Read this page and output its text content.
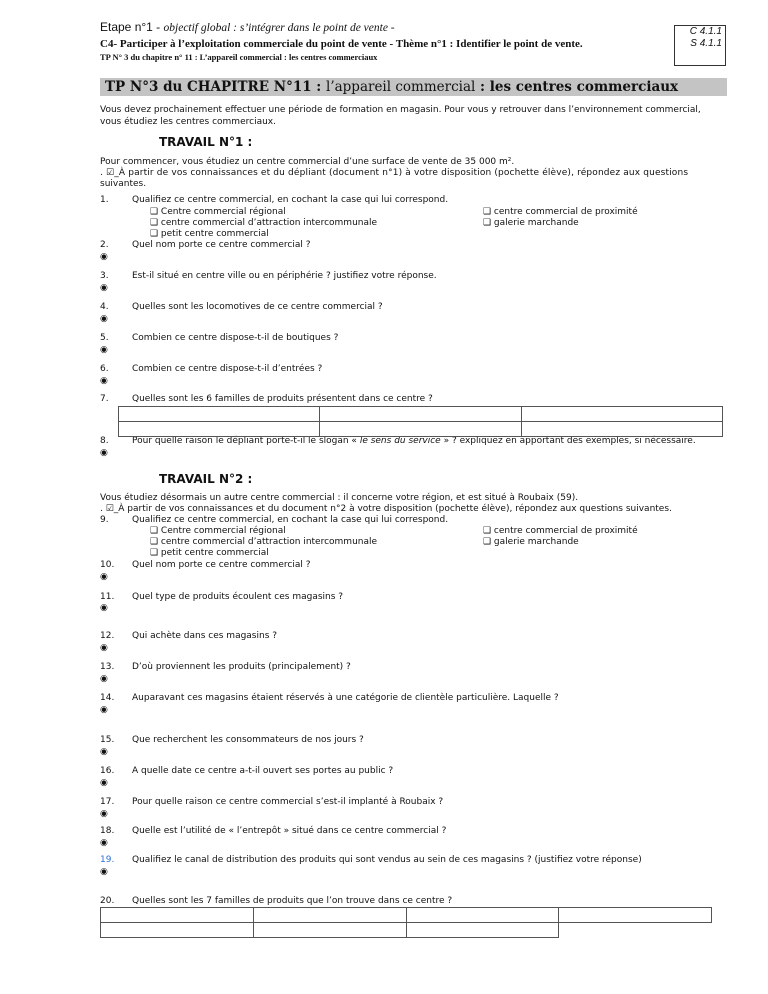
Etape n°1 - objectif global : s’intégrer dans le point de vente -
C4- Participer à l’exploitation commerciale du point de vente - Thème n°1 : Identifier le point de vente.
TP N° 3 du chapitre n° 11 : L’appareil commercial : les centres commerciaux
C 4.1.1
S 4.1.1
TP N°3 du CHAPITRE N°11 : l’appareil commercial : les centres commerciaux
Vous devez prochainement effectuer une période de formation en magasin. Pour vous y retrouver dans l’environnement commercial,
vous étudiez les centres commerciaux.
TRAVAIL N°1 :
Pour commencer, vous étudiez un centre commercial d’une surface de vente de 35 000 m².
. ☑_À partir de vos connaissances et du dépliant (document n°1) à votre disposition (pochette élève), répondez aux questions
suivantes.
TRAVAIL N°2 :
Vous étudiez désormais un autre centre commercial : il concerne votre région, et est situé à Roubaix (59).
. ☑_À partir de vos connaissances et du document n°2 à votre disposition (pochette élève), répondez aux questions suivantes.
1.	Qualifiez ce centre commercial, en cochant la case qui lui correspond.
2.	Quel nom porte ce centre commercial ?
◉
3.	Est-il situé en centre ville ou en périphérie ? justifiez votre réponse.
◉
4.	Quelles sont les locomotives de ce centre commercial ?
◉
5.	Combien ce centre dispose-t-il de boutiques ?
◉
6.	Combien ce centre dispose-t-il d’entrées ?
◉
7.	Quelles sont les 6 familles de produits présentent dans ce centre ?
8.	Pour quelle raison le dépliant porte-t-il le slogan « le sens du service » ? expliquez en apportant des exemples, si nécessaire.
◉
9.	Qualifiez ce centre commercial, en cochant la case qui lui correspond.
10. Quel nom porte ce centre commercial ?
◉
11. Quel type de produits écoulent ces magasins ?
◉
12. Qui achète dans ces magasins ?
◉
13. D’où proviennent les produits (principalement) ?
◉
14. Auparavant ces magasins étaient réservés à une catégorie de clientèle particulière. Laquelle ?
◉
15. Que recherchent les consommateurs de nos jours ?
◉
16. A quelle date ce centre a-t-il ouvert ses portes au public ?
◉
17. Pour quelle raison ce centre commercial s’est-il implanté à Roubaix ?
◉
18. Quelle est l’utilité de « l’entrepôt » situé dans ce centre commercial ?
◉
19. Qualifiez le canal de distribution des produits qui sont vendus au sein de ces magasins ? (justifiez votre réponse)
◉
20. Quelles sont les 7 familles de produits que l’on trouve dans ce centre ?
❑ Centre commercial régional
❑ centre commercial d’attraction intercommunale
❑ petit centre commercial
❑ centre commercial de proximité
❑ galerie marchande
❑ Centre commercial régional
❑ centre commercial d’attraction intercommunale
❑ petit centre commercial
❑ centre commercial de proximité
❑ galerie marchande
